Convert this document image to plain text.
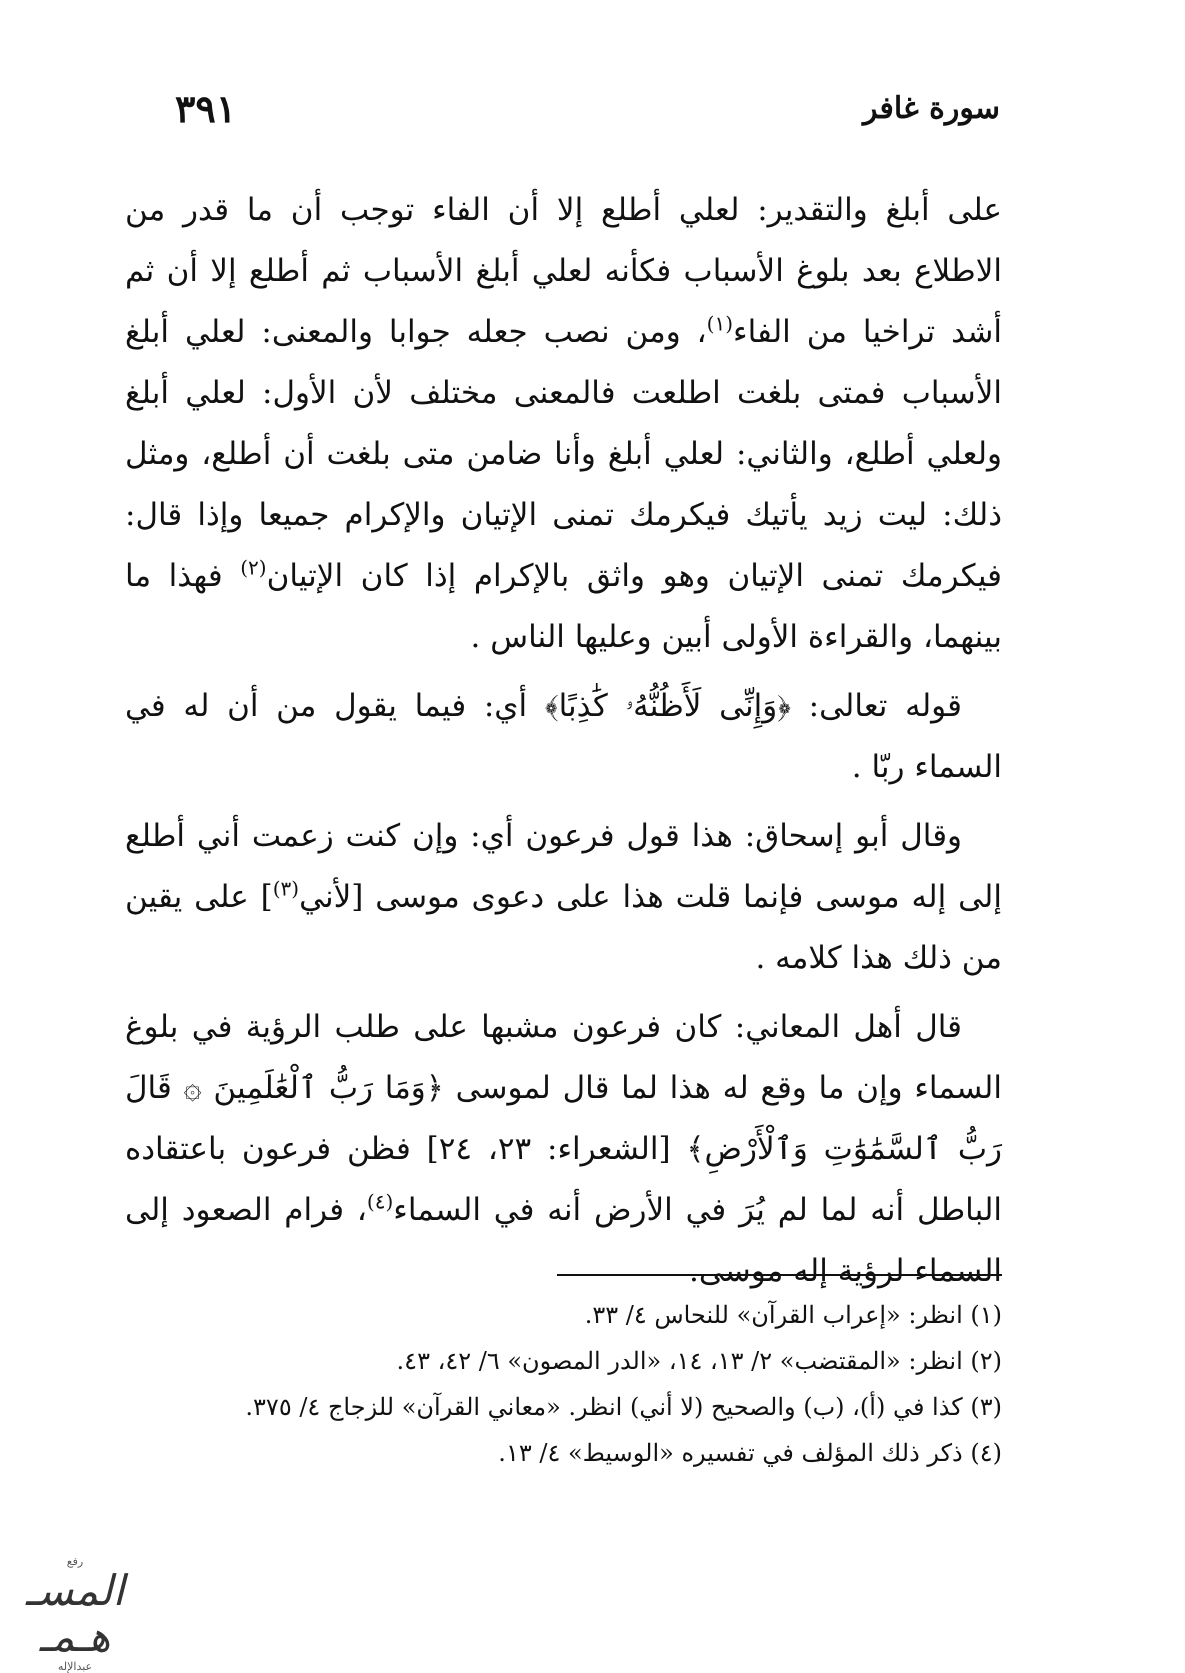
سورة غافر
٣٩١

على أبلغ والتقدير: لعلي أطلع إلا أن الفاء توجب أن ما قدر من الاطلاع بعد بلوغ الأسباب فكأنه لعلي أبلغ الأسباب ثم أطلع إلا أن ثم أشد تراخيا من الفاء$^{(١)}$، ومن نصب جعله جوابا والمعنى: لعلي أبلغ الأسباب فمتى بلغت اطلعت فالمعنى مختلف لأن الأول: لعلي أبلغ ولعلي أطلع، والثاني: لعلي أبلغ وأنا ضامن متى بلغت أن أطلع، ومثل ذلك: ليت زيد يأتيك فيكرمك تمنى الإتيان والإكرام جميعا وإذا قال: فيكرمك تمنى الإتيان وهو واثق بالإكرام إذا كان الإتيان$^{(٢)}$ فهذا ما بينهما، والقراءة الأولى أبين وعليها الناس .

قوله تعالى: ﴿وَإِنِّى لَأَظُنُّهُۥ كَٰذِبًا﴾ أي: فيما يقول من أن له في السماء ربّا .

وقال أبو إسحاق: هذا قول فرعون أي: وإن كنت زعمت أني أطلع إلى إله موسى فإنما قلت هذا على دعوى موسى [لأني$^{(٣)}$] على يقين من ذلك هذا كلامه .

قال أهل المعاني: كان فرعون مشبها على طلب الرؤية في بلوغ السماء وإن ما وقع له هذا لما قال لموسى ﴿وَمَا رَبُّ ٱلْعَٰلَمِينَ ۞ قَالَ رَبُّ ٱلسَّمَٰوَٰتِ وَٱلْأَرْضِ﴾ [الشعراء: ٢٣، ٢٤] فظن فرعون باعتقاده الباطل أنه لما لم يُرَ في الأرض أنه في السماء$^{(٤)}$، فرام الصعود إلى السماء لرؤية إله موسى.

(١) انظر: «إعراب القرآن» للنحاس ٤/ ٣٣.

(٢) انظر: «المقتضب» ٢/ ١٣، ١٤، «الدر المصون» ٦/ ٤٢، ٤٣.

(٣) كذا في (أ)، (ب) والصحيح (لا أني) انظر. «معاني القرآن» للزجاج ٤/ ٣٧٥.

(٤) ذكر ذلك المؤلف في تفسيره «الوسيط» ٤/ ١٣.

رفع
المسـ هـمـ
عبدالإله
